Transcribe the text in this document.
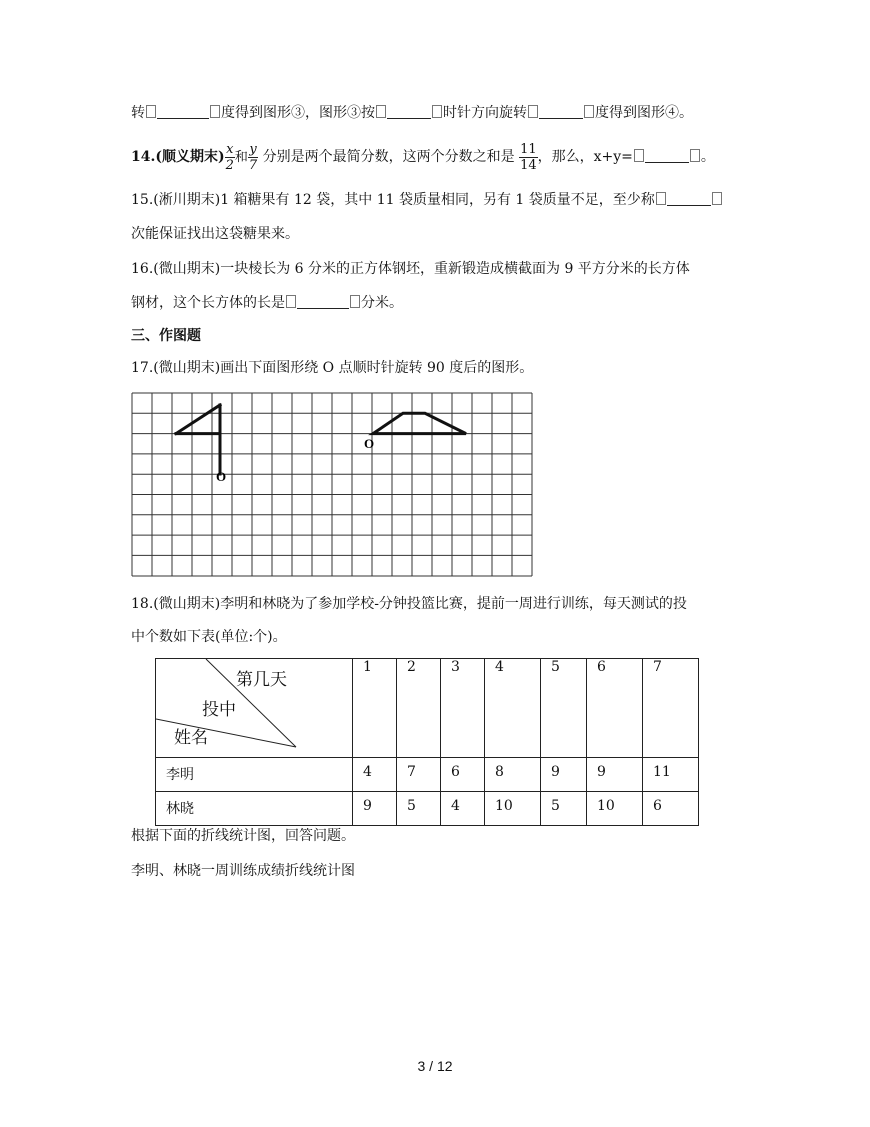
转	度得到图形③，图形③按	时针方向旋转	度得到图形④。
14.(顺义期末) $\frac{x}{2}$ 和 $\frac{y}{7}$ 分别是两个最简分数，这两个分数之和是 $\frac{11}{14}$ ，那么，x+y=	。
15.(淅川期末)1 箱糖果有 12 袋，其中 11 袋质量相同，另有 1 袋质量不足，至少称
次能保证找出这袋糖果来。
16.(微山期末)一块棱长为 6 分米的正方体钢坯，重新锻造成横截面为 9 平方分米的长方体
钢材，这个长方体的长是	分米。
三、作图题
17.(微山期末)画出下面图形绕 O 点顺时针旋转 90 度后的图形。
O
O
18.(微山期末)李明和林晓为了参加学校-分钟投篮比赛，提前一周进行训练，每天测试的投
中个数如下表(单位:个)。
第几天
投中
姓名	1	2	3	4	5	6	7
李明	4	7	6	8	9	9	11
林晓	9	5	4	10	5	10	6
根据下面的折线统计图，回答问题。
李明、林晓一周训练成绩折线统计图
3 / 12
